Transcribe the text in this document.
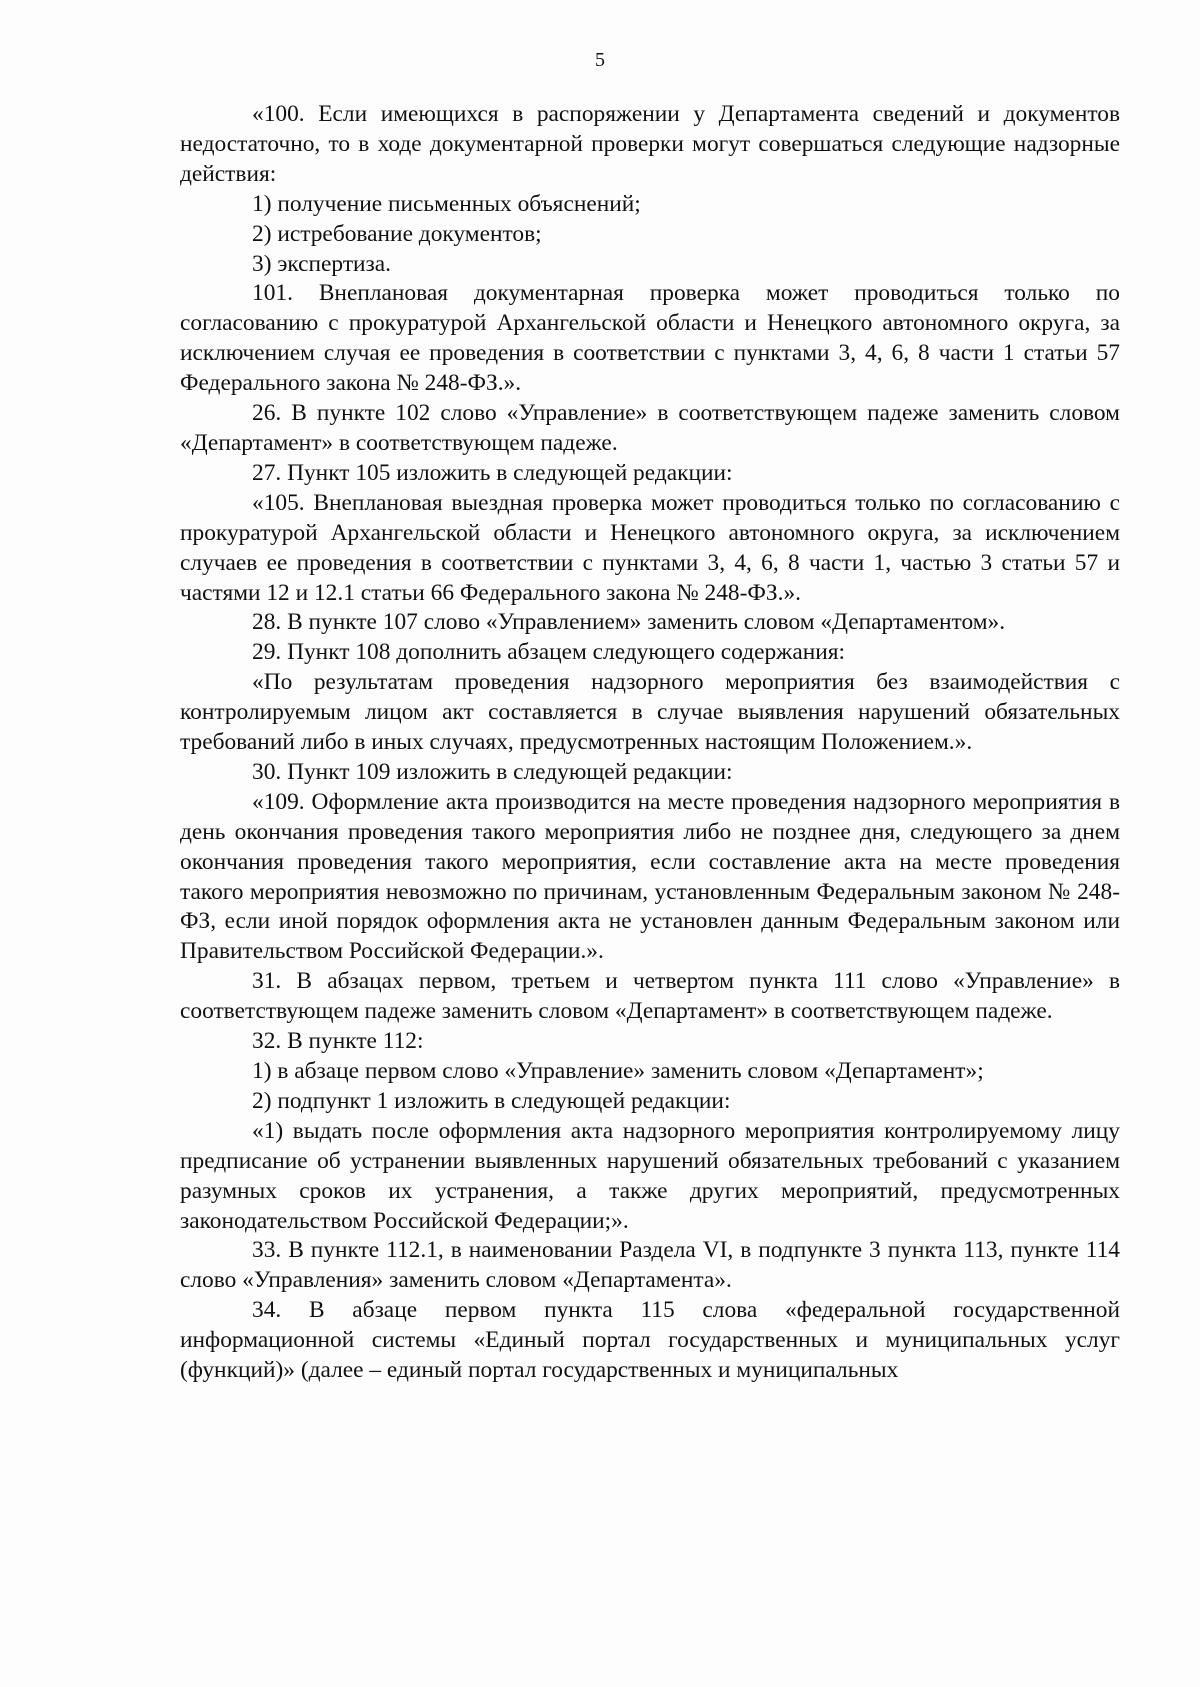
5

«100. Если имеющихся в распоряжении у Департамента сведений и документов недостаточно, то в ходе документарной проверки могут совершаться следующие надзорные действия:

1) получение письменных объяснений;

2) истребование документов;

3) экспертиза.

101. Внеплановая документарная проверка может проводиться только по согласованию с прокуратурой Архангельской области и Ненецкого автономного округа, за исключением случая ее проведения в соответствии с пунктами 3, 4, 6, 8 части 1 статьи 57 Федерального закона № 248-ФЗ.».

26. В пункте 102 слово «Управление» в соответствующем падеже заменить словом «Департамент» в соответствующем падеже.

27. Пункт 105 изложить в следующей редакции:

«105. Внеплановая выездная проверка может проводиться только по согласованию с прокуратурой Архангельской области и Ненецкого автономного округа, за исключением случаев ее проведения в соответствии с пунктами 3, 4, 6, 8 части 1, частью 3 статьи 57 и частями 12 и 12.1 статьи 66 Федерального закона № 248-ФЗ.».

28. В пункте 107 слово «Управлением» заменить словом «Департаментом».

29. Пункт 108 дополнить абзацем следующего содержания:

«По результатам проведения надзорного мероприятия без взаимодействия с контролируемым лицом акт составляется в случае выявления нарушений обязательных требований либо в иных случаях, предусмотренных настоящим Положением.».

30. Пункт 109 изложить в следующей редакции:

«109. Оформление акта производится на месте проведения надзорного мероприятия в день окончания проведения такого мероприятия либо не позднее дня, следующего за днем окончания проведения такого мероприятия, если составление акта на месте проведения такого мероприятия невозможно по причинам, установленным Федеральным законом № 248-ФЗ, если иной порядок оформления акта не установлен данным Федеральным законом или Правительством Российской Федерации.».

31. В абзацах первом, третьем и четвертом пункта 111 слово «Управление» в соответствующем падеже заменить словом «Департамент» в соответствующем падеже.

32. В пункте 112:

1) в абзаце первом слово «Управление» заменить словом «Департамент»;

2) подпункт 1 изложить в следующей редакции:

«1) выдать после оформления акта надзорного мероприятия контролируемому лицу предписание об устранении выявленных нарушений обязательных требований с указанием разумных сроков их устранения, а также других мероприятий, предусмотренных законодательством Российской Федерации;».

33. В пункте 112.1, в наименовании Раздела VI, в подпункте 3 пункта 113, пункте 114 слово «Управления» заменить словом «Департамента».

34. В абзаце первом пункта 115 слова «федеральной государственной информационной системы «Единый портал государственных и муниципальных услуг (функций)» (далее – единый портал государственных и муниципальных
